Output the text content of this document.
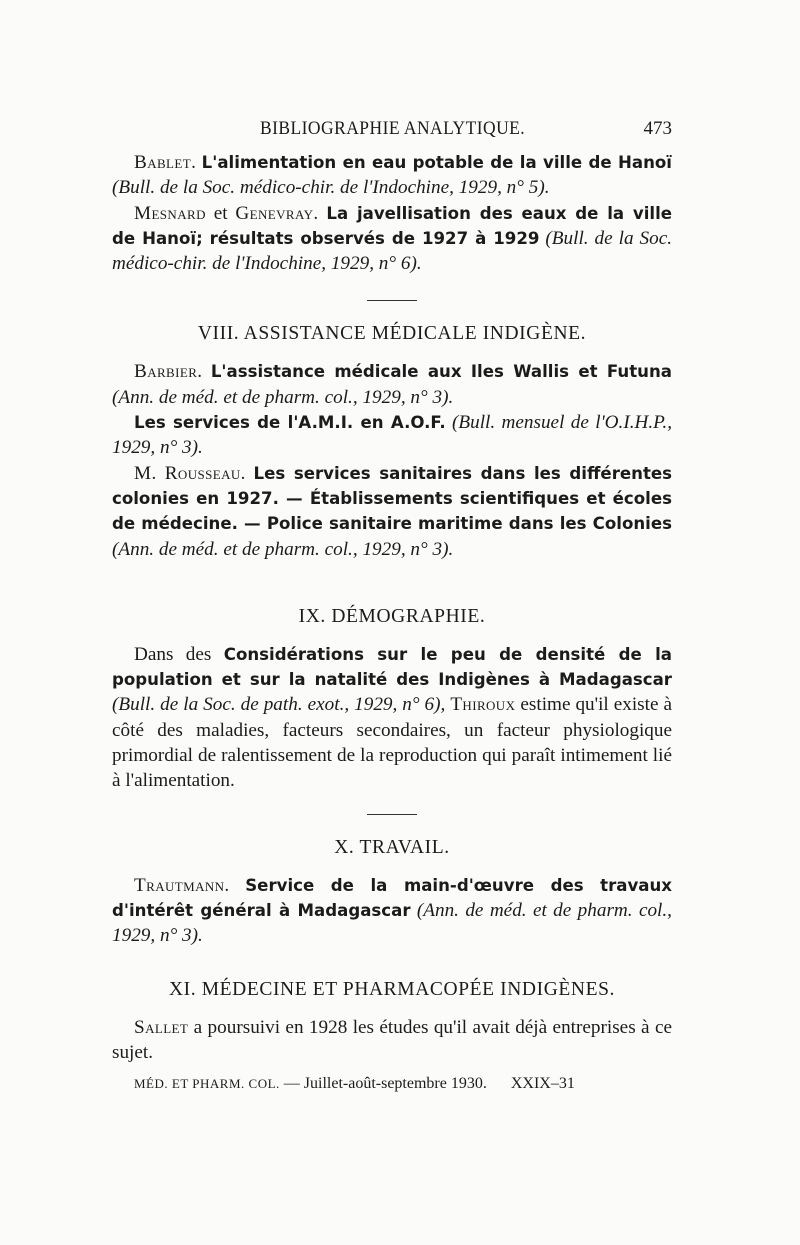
BIBLIOGRAPHIE ANALYTIQUE.	473

Bablet. L'alimentation en eau potable de la ville de Hanoï (Bull. de la Soc. médico-chir. de l'Indochine, 1929, n° 5).

Mesnard et Genevray. La javellisation des eaux de la ville de Hanoï; résultats observés de 1927 à 1929 (Bull. de la Soc. médico-chir. de l'Indochine, 1929, n° 6).

VIII. ASSISTANCE MÉDICALE INDIGÈNE.

Barbier. L'assistance médicale aux Iles Wallis et Futuna (Ann. de méd. et de pharm. col., 1929, n° 3).

Les services de l'A.M.I. en A.O.F. (Bull. mensuel de l'O.I.H.P., 1929, n° 3).

M. Rousseau. Les services sanitaires dans les différentes colonies en 1927. — Établissements scientifiques et écoles de médecine. — Police sanitaire maritime dans les Colonies (Ann. de méd. et de pharm. col., 1929, n° 3).

IX. DÉMOGRAPHIE.

Dans des Considérations sur le peu de densité de la population et sur la natalité des Indigènes à Madagascar (Bull. de la Soc. de path. exot., 1929, n° 6), Thiroux estime qu'il existe à côté des maladies, facteurs secondaires, un facteur physiologique primordial de ralentissement de la reproduction qui paraît intimement lié à l'alimentation.

X. TRAVAIL.

Trautmann. Service de la main-d'œuvre des travaux d'intérêt général à Madagascar (Ann. de méd. et de pharm. col., 1929, n° 3).

XI. MÉDECINE ET PHARMACOPÉE INDIGÈNES.

Sallet a poursuivi en 1928 les études qu'il avait déjà entreprises à ce sujet.

MÉD. ET PHARM. COL. — Juillet-août-septembre 1930. XXIX–31
